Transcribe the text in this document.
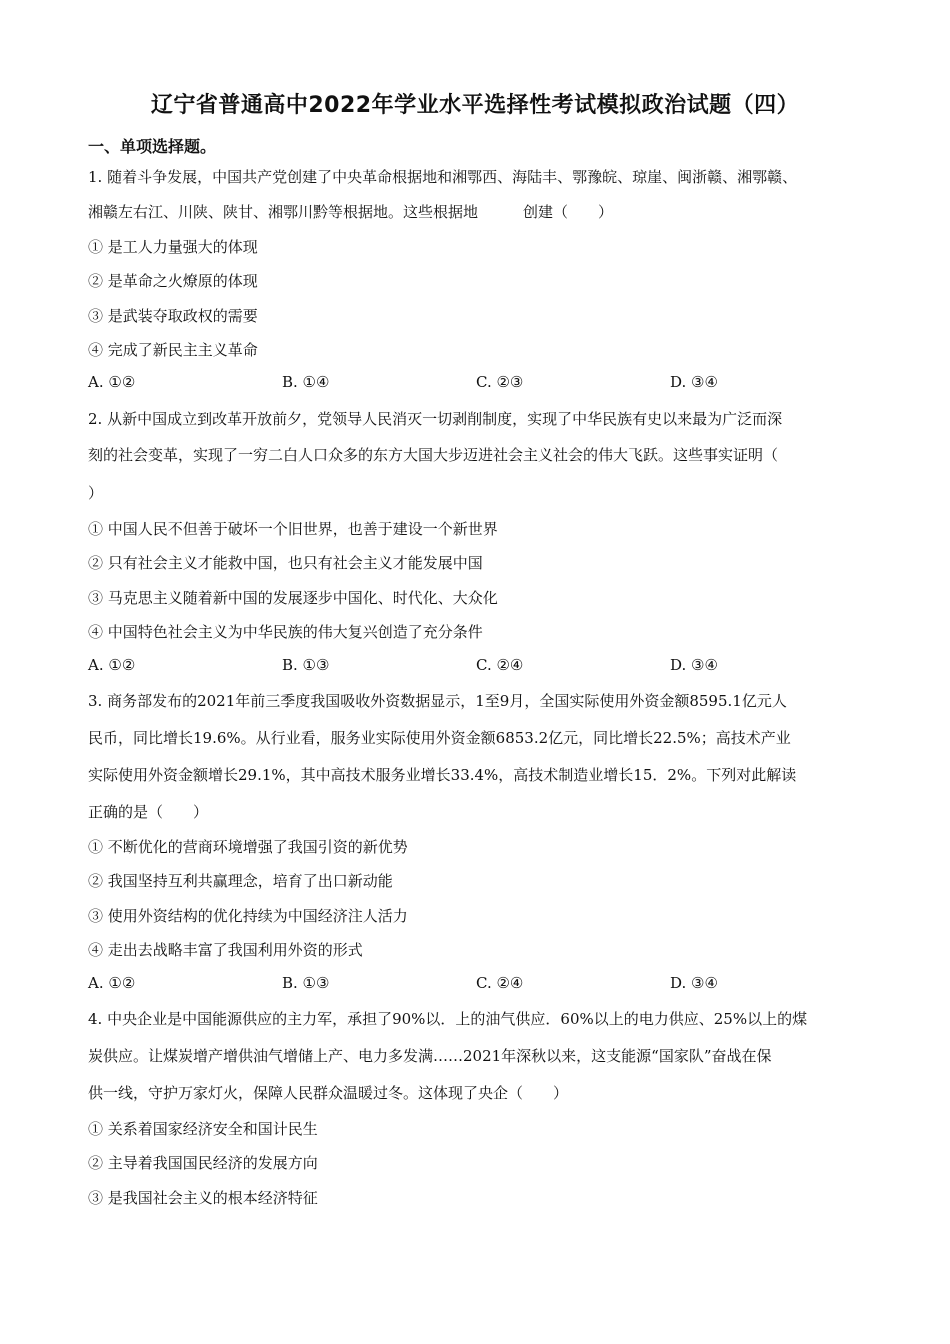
辽宁省普通高中2022年学业水平选择性考试模拟政治试题（四）
一、单项选择题。
1. 随着斗争发展，中国共产党创建了中央革命根据地和湘鄂西、海陆丰、鄂豫皖、琼崖、闽浙赣、湘鄂赣、
湘赣左右江、川陕、陕甘、湘鄂川黔等根据地。这些根据地　　　创建（　　）
① 是工人力量强大的体现
② 是革命之火燎原的体现
③ 是武装夺取政权的需要
④ 完成了新民主主义革命
A. ①②	B. ①④	C. ②③	D. ③④
2. 从新中国成立到改革开放前夕，党领导人民消灭一切剥削制度，实现了中华民族有史以来最为广泛而深
刻的社会变革，实现了一穷二白人口众多的东方大国大步迈进社会主义社会的伟大飞跃。这些事实证明（
）
① 中国人民不但善于破坏一个旧世界，也善于建设一个新世界
② 只有社会主义才能救中国，也只有社会主义才能发展中国
③ 马克思主义随着新中国的发展逐步中国化、时代化、大众化
④ 中国特色社会主义为中华民族的伟大复兴创造了充分条件
A. ①②	B. ①③	C. ②④	D. ③④
3. 商务部发布的2021年前三季度我国吸收外资数据显示，1至9月，全国实际使用外资金额8595.1亿元人
民币，同比增长19.6%。从行业看，服务业实际使用外资金额6853.2亿元，同比增长22.5%；高技术产业
实际使用外资金额增长29.1%，其中高技术服务业增长33.4%，高技术制造业增长15．2%。下列对此解读
正确的是（　　）
① 不断优化的营商环境增强了我国引资的新优势
② 我国坚持互利共赢理念，培育了出口新动能
③ 使用外资结构的优化持续为中国经济注人活力
④ 走出去战略丰富了我国利用外资的形式
A. ①②	B. ①③	C. ②④	D. ③④
4. 中央企业是中国能源供应的主力军，承担了90%以．上的油气供应．60%以上的电力供应、25%以上的煤
炭供应。让煤炭增产增供油气增储上产、电力多发满……2021年深秋以来，这支能源“国家队”奋战在保
供一线，守护万家灯火，保障人民群众温暖过冬。这体现了央企（　　）
① 关系着国家经济安全和国计民生
② 主导着我国国民经济的发展方向
③ 是我国社会主义的根本经济特征
